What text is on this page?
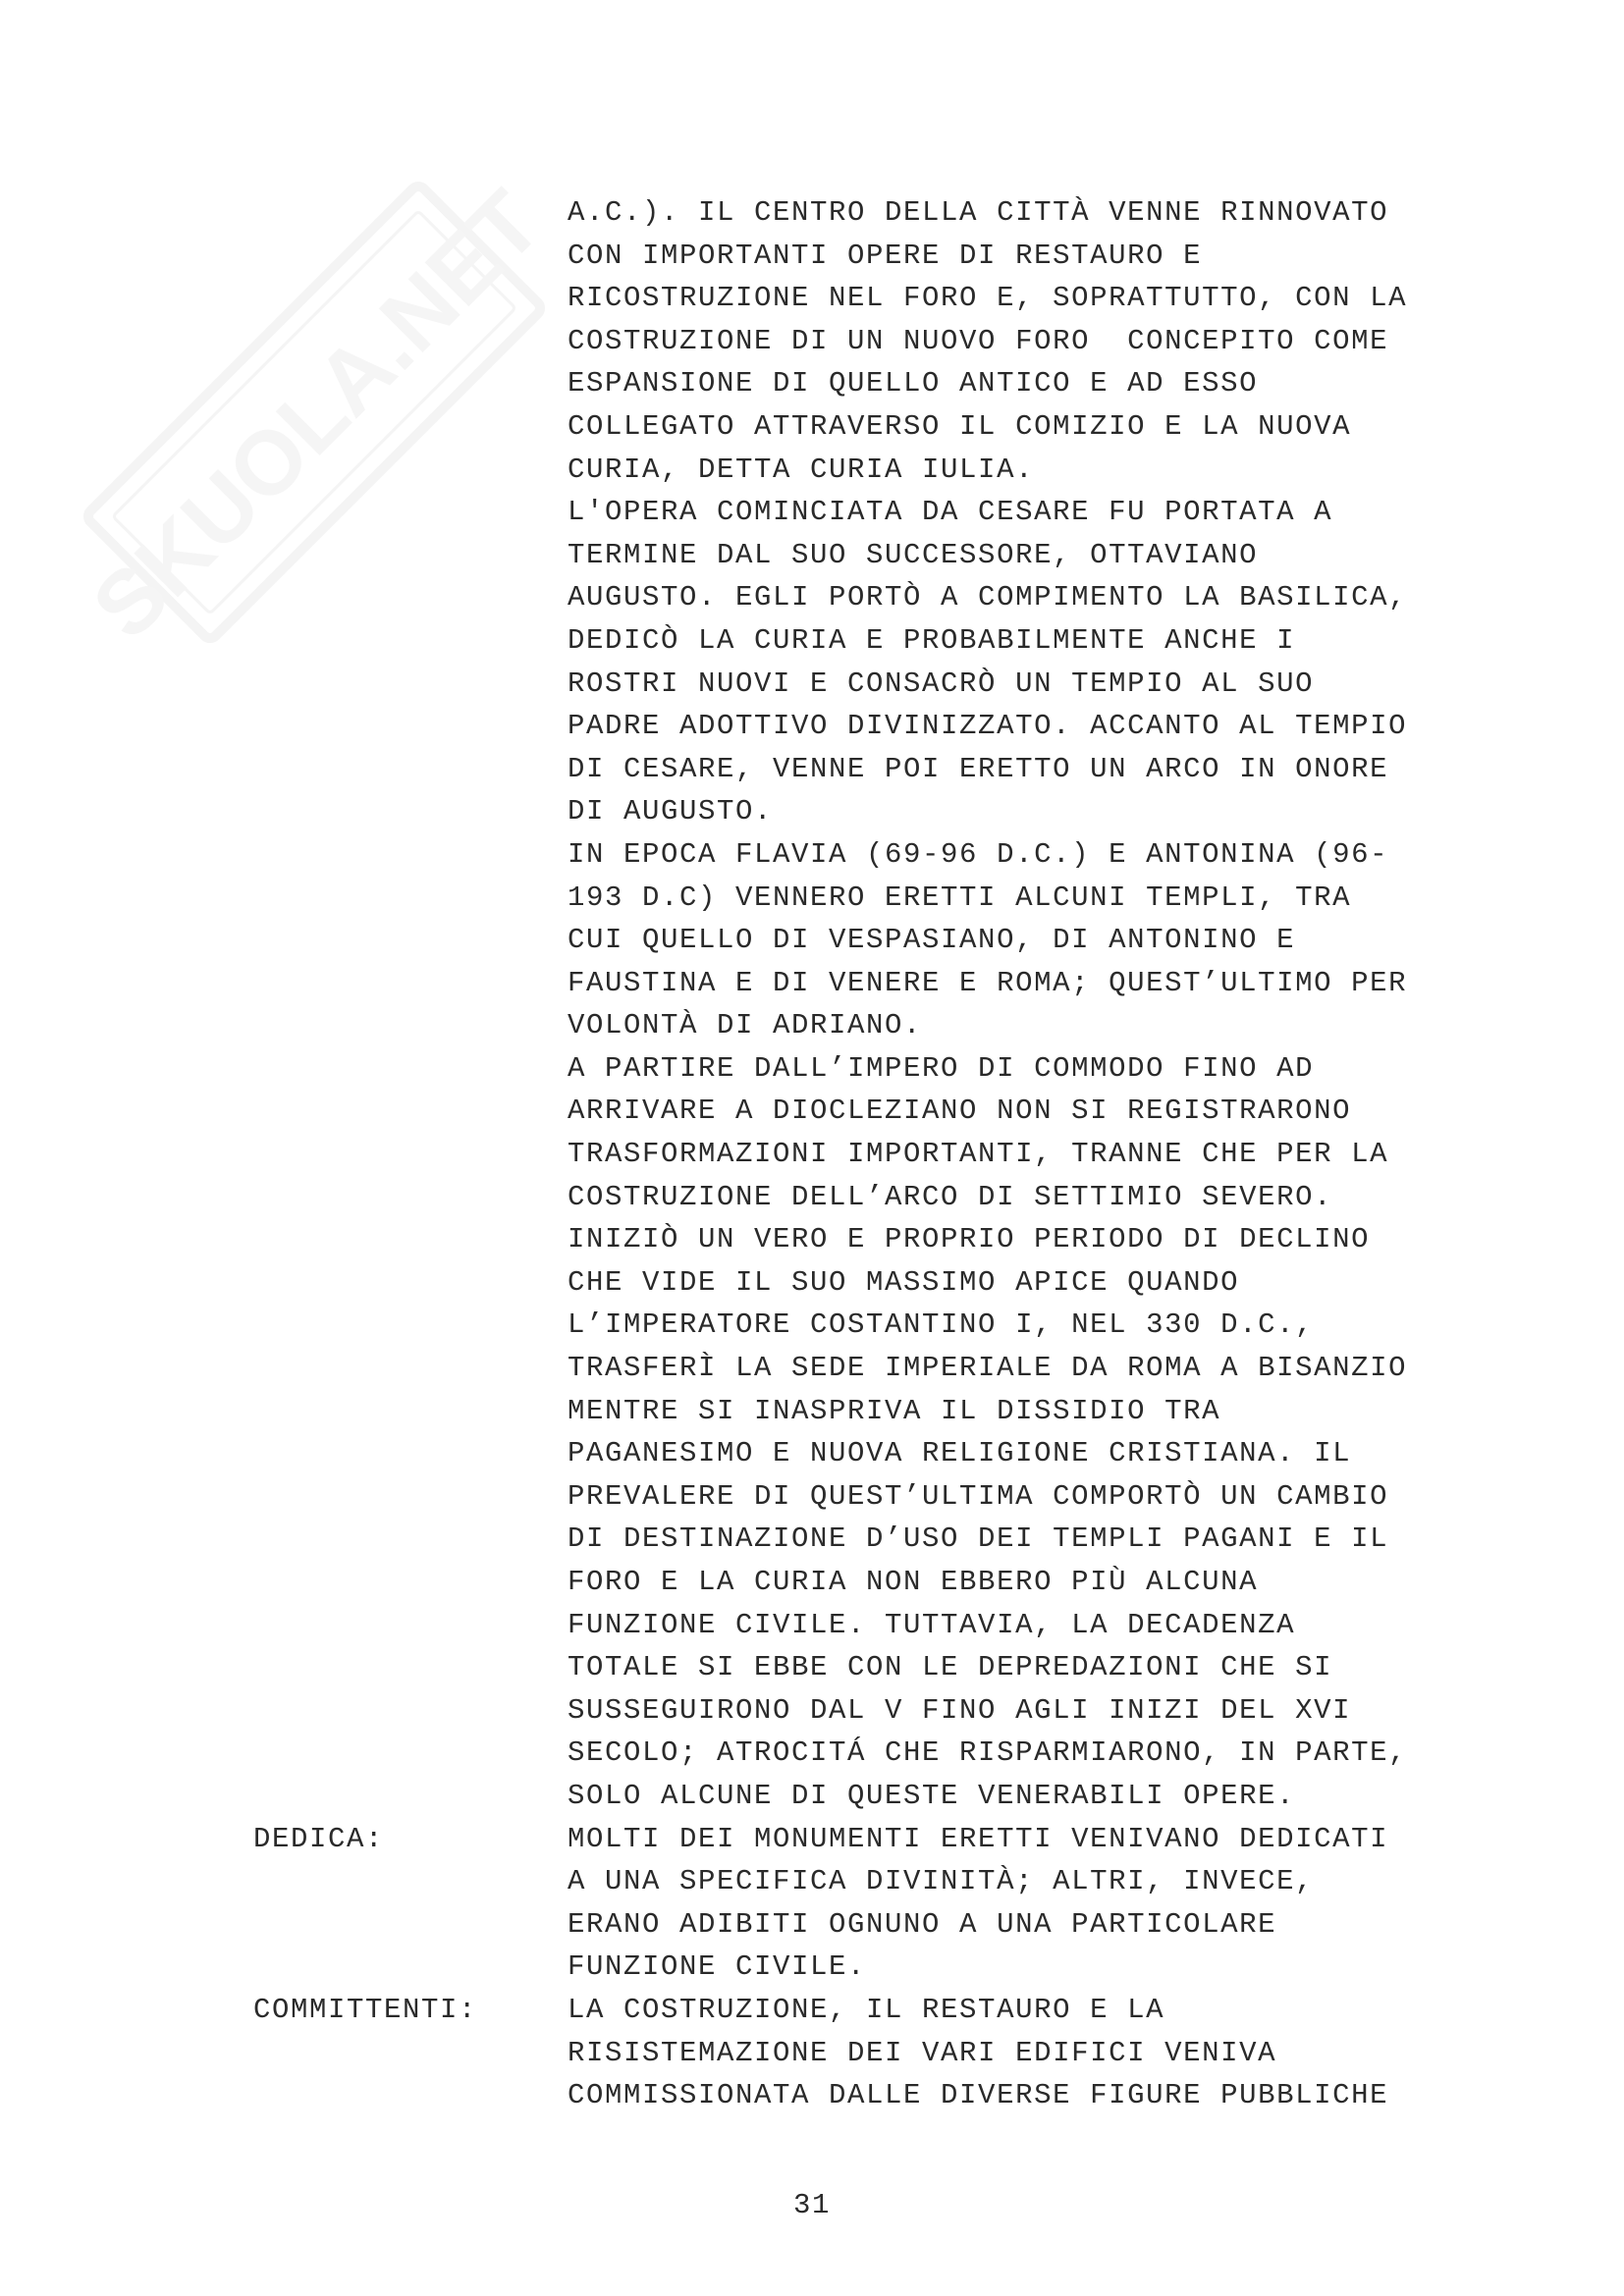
SKUOLA.NET A.C.). IL CENTRO DELLA CITTÀ VENNE RINNOVATO
CON IMPORTANTI OPERE DI RESTAURO E
RICOSTRUZIONE NEL FORO E, SOPRATTUTTO, CON LA
COSTRUZIONE DI UN NUOVO FORO  CONCEPITO COME
ESPANSIONE DI QUELLO ANTICO E AD ESSO
COLLEGATO ATTRAVERSO IL COMIZIO E LA NUOVA
CURIA, DETTA CURIA IULIA.
L'OPERA COMINCIATA DA CESARE FU PORTATA A
TERMINE DAL SUO SUCCESSORE, OTTAVIANO
AUGUSTO. EGLI PORTÒ A COMPIMENTO LA BASILICA,
DEDICÒ LA CURIA E PROBABILMENTE ANCHE I
ROSTRI NUOVI E CONSACRÒ UN TEMPIO AL SUO
PADRE ADOTTIVO DIVINIZZATO. ACCANTO AL TEMPIO
DI CESARE, VENNE POI ERETTO UN ARCO IN ONORE
DI AUGUSTO.
IN EPOCA FLAVIA (69-96 D.C.) E ANTONINA (96-
193 D.C) VENNERO ERETTI ALCUNI TEMPLI, TRA
CUI QUELLO DI VESPASIANO, DI ANTONINO E
FAUSTINA E DI VENERE E ROMA; QUEST’ULTIMO PER
VOLONTÀ DI ADRIANO.
A PARTIRE DALL’IMPERO DI COMMODO FINO AD
ARRIVARE A DIOCLEZIANO NON SI REGISTRARONO
TRASFORMAZIONI IMPORTANTI, TRANNE CHE PER LA
COSTRUZIONE DELL’ARCO DI SETTIMIO SEVERO.
INIZIÒ UN VERO E PROPRIO PERIODO DI DECLINO
CHE VIDE IL SUO MASSIMO APICE QUANDO
L’IMPERATORE COSTANTINO I, NEL 330 D.C.,
TRASFERÌ LA SEDE IMPERIALE DA ROMA A BISANZIO
MENTRE SI INASPRIVA IL DISSIDIO TRA
PAGANESIMO E NUOVA RELIGIONE CRISTIANA. IL
PREVALERE DI QUEST’ULTIMA COMPORTÒ UN CAMBIO
DI DESTINAZIONE D’USO DEI TEMPLI PAGANI E IL
FORO E LA CURIA NON EBBERO PIÙ ALCUNA
FUNZIONE CIVILE. TUTTAVIA, LA DECADENZA
TOTALE SI EBBE CON LE DEPREDAZIONI CHE SI
SUSSEGUIRONO DAL V FINO AGLI INIZI DEL XVI
SECOLO; ATROCITÁ CHE RISPARMIARONO, IN PARTE,
SOLO ALCUNE DI QUESTE VENERABILI OPERE.
DEDICA:	MOLTI DEI MONUMENTI ERETTI VENIVANO DEDICATI
A UNA SPECIFICA DIVINITÀ; ALTRI, INVECE,
ERANO ADIBITI OGNUNO A UNA PARTICOLARE
FUNZIONE CIVILE.
COMMITTENTI:	LA COSTRUZIONE, IL RESTAURO E LA
RISISTEMAZIONE DEI VARI EDIFICI VENIVA
COMMISSIONATA DALLE DIVERSE FIGURE PUBBLICHE
31
